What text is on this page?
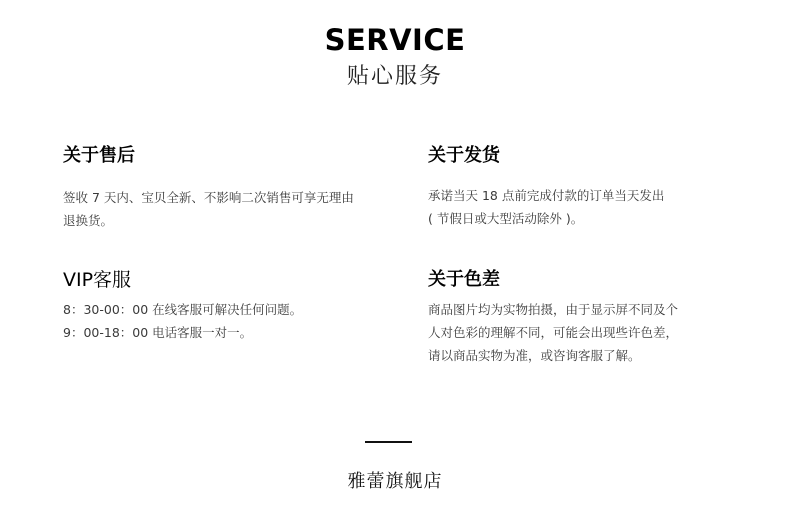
SERVICE
贴心服务
关于售后
签收 7 天内、宝贝全新、不影响二次销售可享无理由
退换货。
关于发货
承诺当天 18 点前完成付款的订单当天发出
( 节假日或大型活动除外 )。
VIP客服
8：30-00：00 在线客服可解决任何问题。
9：00-18：00 电话客服一对一。
关于色差
商品图片均为实物拍摄，由于显示屏不同及个
人对色彩的理解不同，可能会出现些许色差，
请以商品实物为准，或咨询客服了解。
雅蕾旗舰店
